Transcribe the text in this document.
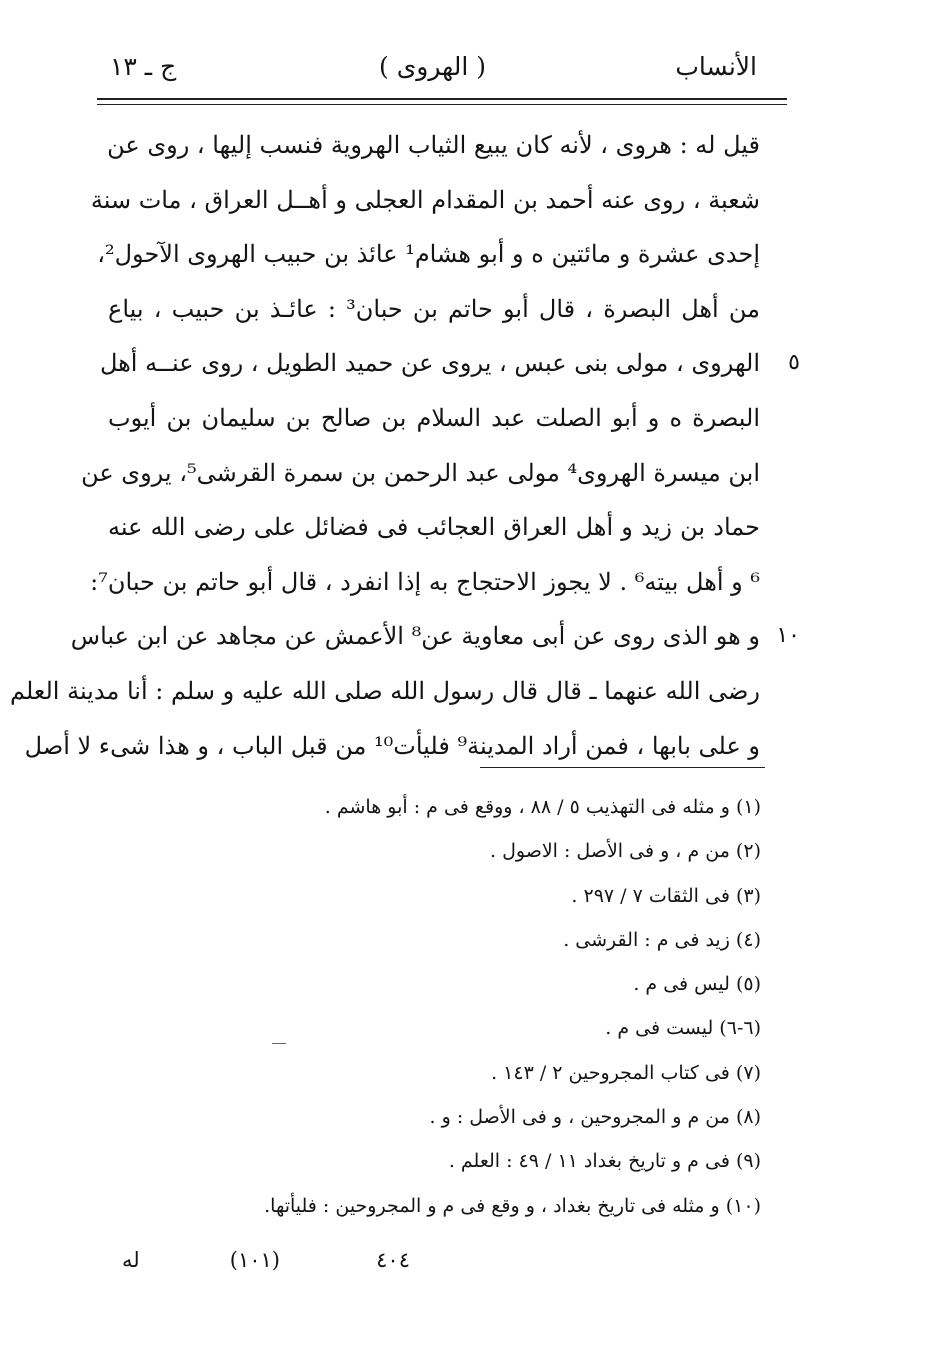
الأنساب
( الهروی )
ج ـ ١٣
قیل له : هروی ، لأنه کان یبیع الثیاب الهرویة فنسب إلیها ، روی عن
شعبة ، روی عنه أحمد بن المقدام العجلی و أهــل العراق ، مات سنة
إحدی عشرة و مائتین ه و أبو هشام¹ عائذ بن حبیب الهروی الآحول²،
من أهل البصرة ، قال أبو حاتم بن حبان³ : عائـذ بن حبیب ، بیاع
٥
الهروی ، مولی بنی عبس ، یروی عن حمید الطویل ، روی عنــه أهل
البصرة ه و أبو الصلت عبد السلام بن صالح بن سلیمان بن أیوب
ابن میسرة الهروی⁴ مولی عبد الرحمن بن سمرة القرشی⁵، یروی عن
حماد بن زید و أهل العراق العجائب فی فضائل علی رضی الله عنه
⁶ و أهل بیته⁶ . لا یجوز الاحتجاج به إذا انفرد ، قال أبو حاتم بن حبان⁷:
١٠
و هو الذی روی عن أبی معاویة عن⁸ الأعمش عن مجاهد عن ابن عباس
رضی الله عنهما ـ قال قال رسول الله صلی الله علیه و سلم : أنا مدینة العلم
و علی بابها ، فمن أراد المدینة⁹ فلیأت¹⁰ من قبل الباب ، و هذا شیء لا أصل
(١) و مثله فی التهذیب ٥ / ٨٨ ، ووقع فی م : أبو هاشم .
(٢) من م ، و فی الأصل : الاصول .
(٣) فی الثقات ٧ / ٢٩٧ .
(٤) زید فی م : القرشی .
(٥) لیس فی م .
(٦-٦) لیست فی م .
(٧) فی کتاب المجروحین ٢ / ١٤٣ .
(٨) من م و المجروحین ، و فی الأصل : و .
(٩) فی م و تاریخ بغداد ١١ / ٤٩ : العلم .
(١٠) و مثله فی تاریخ بغداد ، و وقع فی م و المجروحین : فلیأتها.
٤٠٤
(١٠١)
له
